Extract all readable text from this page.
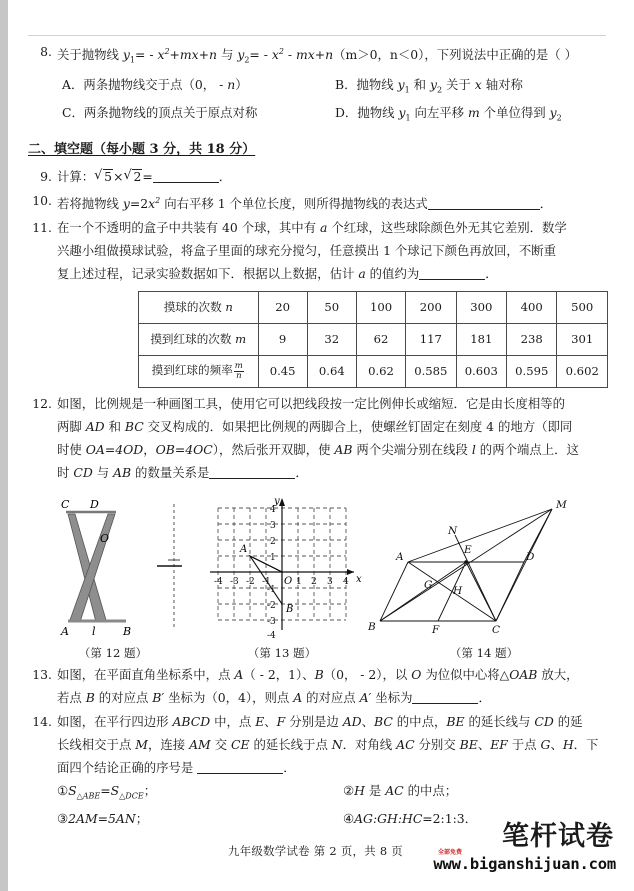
8. 关于抛物线 $y_1= - x^2+mx+n$ 与 $y_2= - x^2 - mx+n(m>0$，n＜0），下列说法中正确的是（ ）
A．两条抛物线交于点（0， - n）	B．抛物线 $y_1$ 和 $y_2$ 关于 x 轴对称
C．两条抛物线的顶点关于原点对称	D．抛物线 $y_1$ 向左平移 m 个单位得到 $y_2$
二、填空题（每小题 3 分，共 18 分）
9. 计算： √ 5× √ 2=	．
10. 若将抛物线 $y=2x^2$ 向右平移 1 个单位长度，则所得抛物线的表达式	．
11. 在一个不透明的盒子中共装有 40 个球，其中有 a 个红球，这些球除颜色外无其它差别．数学
兴趣小组做摸球试验，将盒子里面的球充分搅匀，任意摸出 1 个球记下颜色再放回，不断重
复上述过程，记录实验数据如下．根据以上数据，估计 a 的值约为	．
摸球的次数 n	20	50	100	200	300	400	500
摸到红球的次数 m	9	32	62	117	181	238	301
摸到红球的频率 $\frac{m}{n}$	0.45	0.64	0.62	0.585	0.603	0.595	0.602
12. 如图，比例规是一种画图工具，使用它可以把线段按一定比例伸长或缩短．它是由长度相等的
两脚 AD 和 BC 交叉构成的．如果把比例规的两脚合上，使螺丝钉固定在刻度 4 的地方（即同
时使 OA=4OD，OB=4OC），然后张开双脚，使 AB 两个尖端分别在线段 l 的两个端点上．这
时 CD 与 AB 的数量关系是	．
C D
O
A	B
l
（第 12 题）
y
x
O
-4 -3 -2 -1	1 2 3 4
4
3
2
1
-1
-2
-3
-4
A
B
（第 13 题）
M
N
E
A	D
G H
B	F	C
（第 14 题）
13. 如图，在平面直角坐标系中，点 A（ - 2，1）、B（0， - 2），以 O 为位似中心将△OAB 放大，
若点 B 的对应点 B′ 坐标为（0，4），则点 A 的对应点 A′ 坐标为	．
14. 如图，在平行四边形 ABCD 中，点 E、F 分别是边 AD、BC 的中点，BE 的延长线与 CD 的延
长线相交于点 M，连接 AM 交 CE 的延长线于点 N．对角线 AC 分别交 BE、EF 于点 G、H．下
面四个结论正确的序号是	．
$①S_{\triangle ABE}=S_{\triangle DCE}$；	②H 是 AC 的中点；
③2AM=5AN；	④AG:GH:HC=2:1:3．
九年级数学试卷 第 2 页，共 8 页	全部免费
笔杆试卷
www.biganshijuan.com
